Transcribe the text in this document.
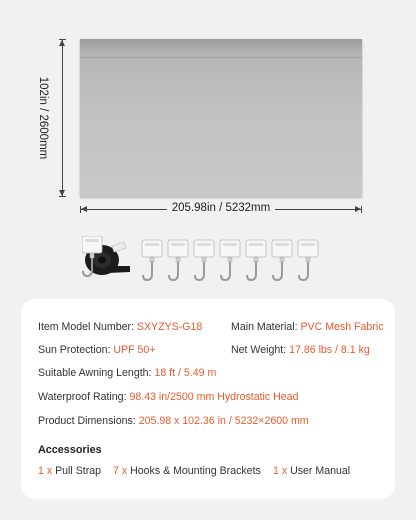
102in / 2600mm
205.98in / 5232mm
Item Model Number: SXYZYS-G18	Main Material: PVC Mesh Fabric
Sun Protection: UPF 50+	Net Weight: 17.86 lbs / 8.1 kg
Suitable Awning Length: 18 ft / 5.49 m
Waterproof Rating: 98.43 in/2500 mm Hydrostatic Head
Product Dimensions: 205.98 x 102.36 in / 5232×2600 mm
Accessories
1 x Pull Strap 7 x Hooks & Mounting Brackets 1 x User Manual
